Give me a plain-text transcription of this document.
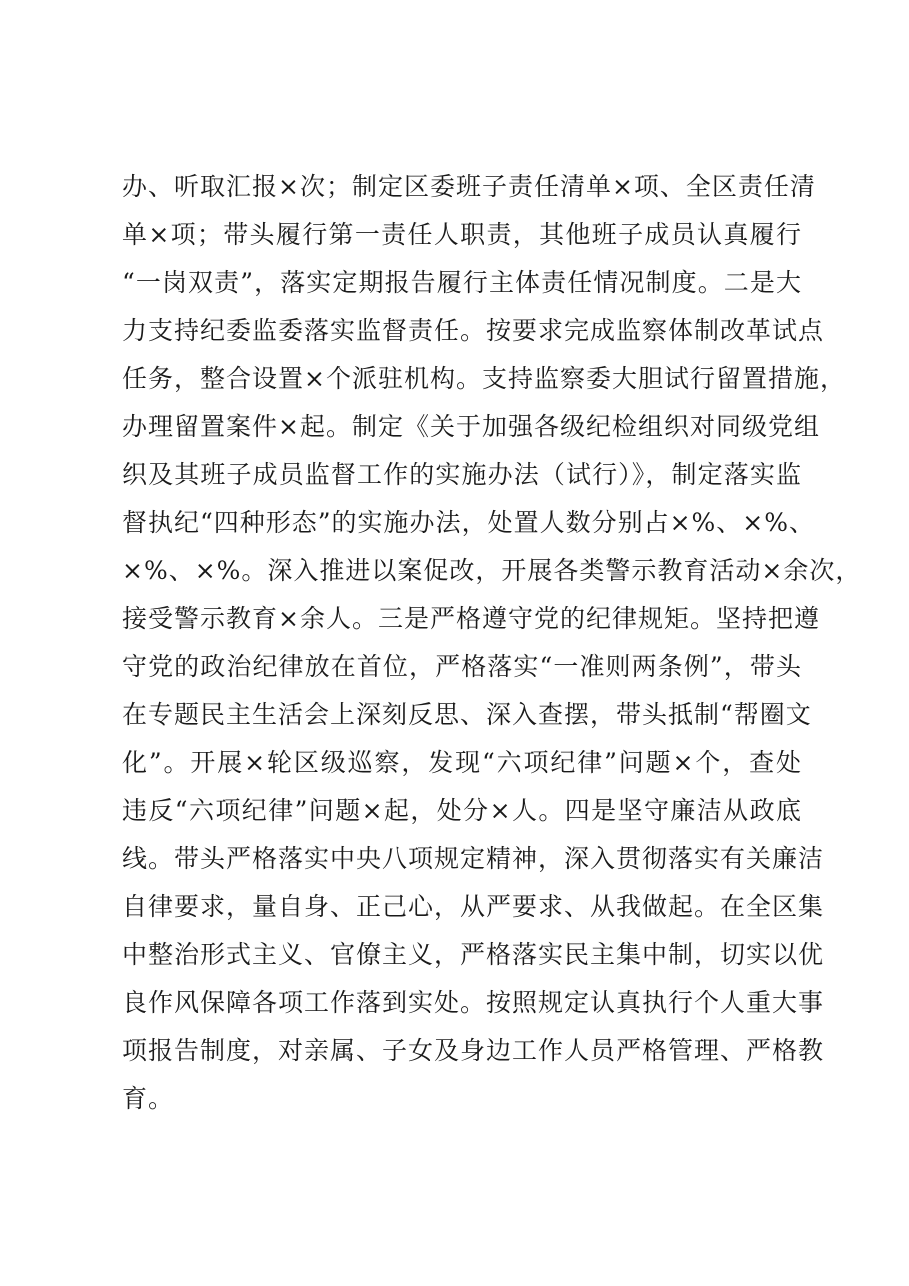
办、听取汇报×次；制定区委班子责任清单×项、全区责任清
单×项；带头履行第一责任人职责，其他班子成员认真履行
“一岗双责”，落实定期报告履行主体责任情况制度。二是大
力支持纪委监委落实监督责任。按要求完成监察体制改革试点
任务，整合设置×个派驻机构。支持监察委大胆试行留置措施，
办理留置案件×起。制定《关于加强各级纪检组织对同级党组
织及其班子成员监督工作的实施办法（试行）》，制定落实监
督执纪“四种形态”的实施办法，处置人数分别占×%、×%、
×%、×%。深入推进以案促改，开展各类警示教育活动×余次，
接受警示教育×余人。三是严格遵守党的纪律规矩。坚持把遵
守党的政治纪律放在首位，严格落实“一准则两条例”，带头
在专题民主生活会上深刻反思、深入查摆，带头抵制“帮圈文
化”。开展×轮区级巡察，发现“六项纪律”问题×个，查处
违反“六项纪律”问题×起，处分×人。四是坚守廉洁从政底
线。带头严格落实中央八项规定精神，深入贯彻落实有关廉洁
自律要求，量自身、正己心，从严要求、从我做起。在全区集
中整治形式主义、官僚主义，严格落实民主集中制，切实以优
良作风保障各项工作落到实处。按照规定认真执行个人重大事
项报告制度，对亲属、子女及身边工作人员严格管理、严格教
育。
